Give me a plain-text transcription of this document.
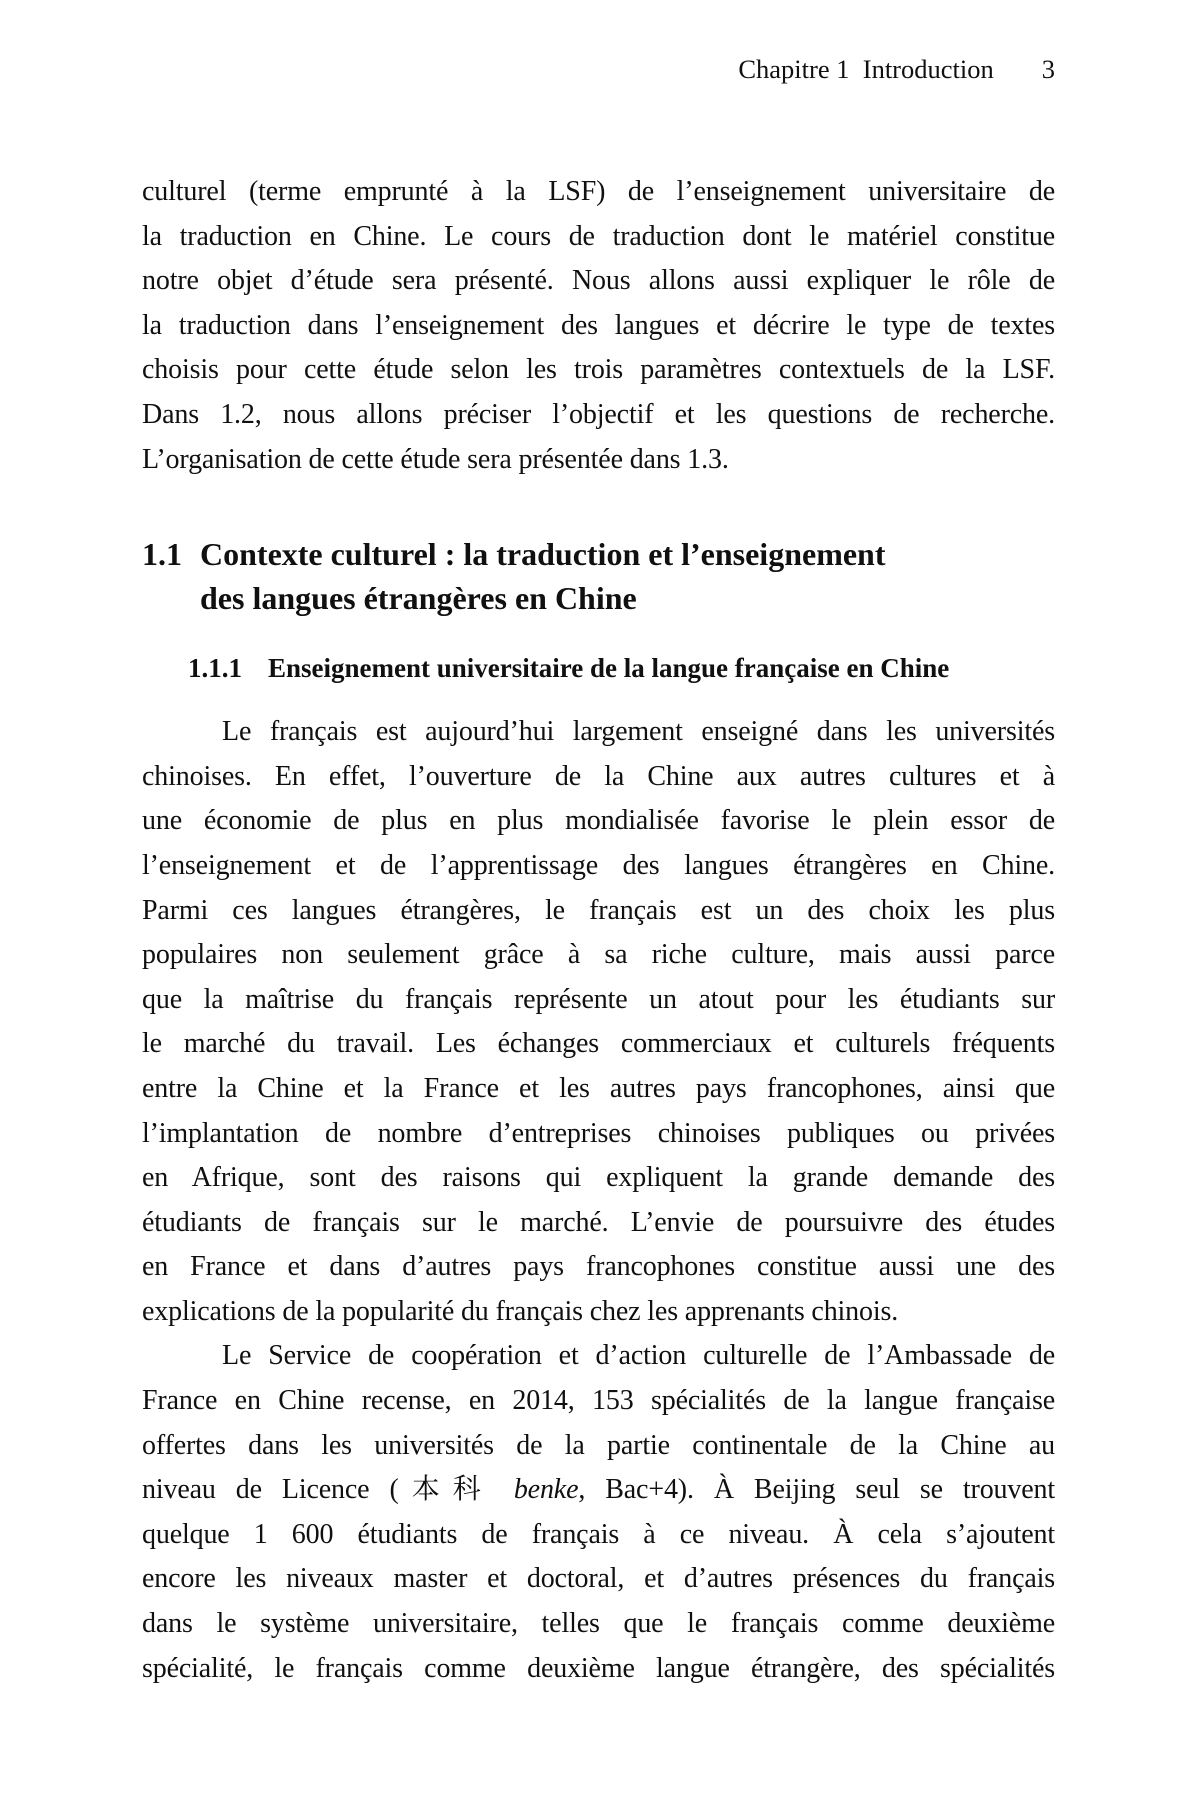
Chapitre 1 Introduction 3
culturel (terme emprunté à la LSF) de l’enseignement universitaire de
la traduction en Chine. Le cours de traduction dont le matériel constitue
notre objet d’étude sera présenté. Nous allons aussi expliquer le rôle de
la traduction dans l’enseignement des langues et décrire le type de textes
choisis pour cette étude selon les trois paramètres contextuels de la LSF.
Dans 1.2, nous allons préciser l’objectif et les questions de recherche.
L’organisation de cette étude sera présentée dans 1.3.
1.1 Contexte culturel : la traduction et l’enseignement
des langues étrangères en Chine
1.1.1 Enseignement universitaire de la langue française en Chine
Le français est aujourd’hui largement enseigné dans les universités
chinoises. En effet, l’ouverture de la Chine aux autres cultures et à
une économie de plus en plus mondialisée favorise le plein essor de
l’enseignement et de l’apprentissage des langues étrangères en Chine.
Parmi ces langues étrangères, le français est un des choix les plus
populaires non seulement grâce à sa riche culture, mais aussi parce
que la maîtrise du français représente un atout pour les étudiants sur
le marché du travail. Les échanges commerciaux et culturels fréquents
entre la Chine et la France et les autres pays francophones, ainsi que
l’implantation de nombre d’entreprises chinoises publiques ou privées
en Afrique, sont des raisons qui expliquent la grande demande des
étudiants de français sur le marché. L’envie de poursuivre des études
en France et dans d’autres pays francophones constitue aussi une des
explications de la popularité du français chez les apprenants chinois.
Le Service de coopération et d’action culturelle de l’Ambassade de
France en Chine recense, en 2014, 153 spécialités de la langue française
offertes dans les universités de la partie continentale de la Chine au
niveau de Licence (本科 benke, Bac+4). À Beijing seul se trouvent
quelque 1 600 étudiants de français à ce niveau. À cela s’ajoutent
encore les niveaux master et doctoral, et d’autres présences du français
dans le système universitaire, telles que le français comme deuxième
spécialité, le français comme deuxième langue étrangère, des spécialités
